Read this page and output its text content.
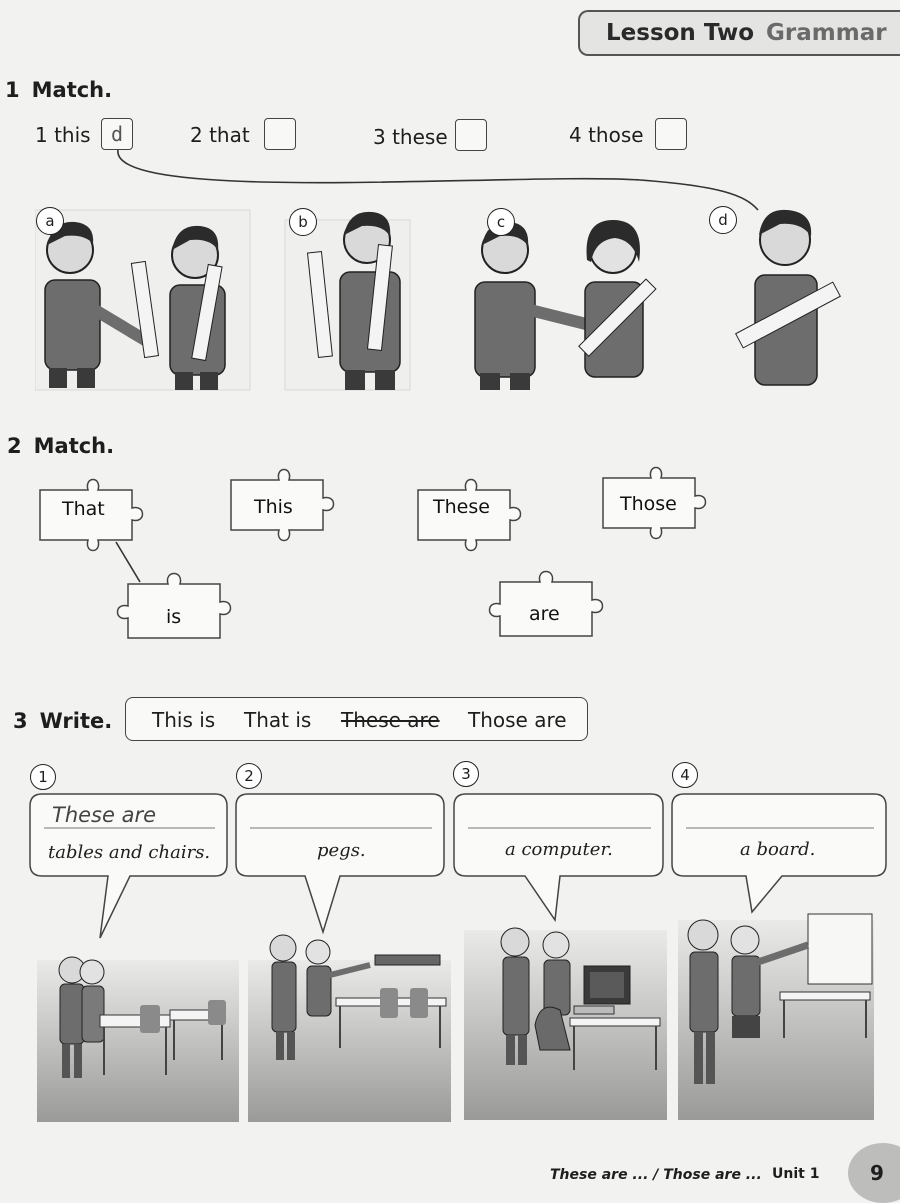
Lesson Two Grammar
1 Match.
1 this	d	2 that	3 these	4 those
a	b	c	d
2 Match.
That	This	These	Those
is	are
3 Write. This is That is These are Those are
1	2	3	4
These are
tables and chairs.	pegs.	a computer.	a board.
These are ... / Those are ... Unit 1	9
